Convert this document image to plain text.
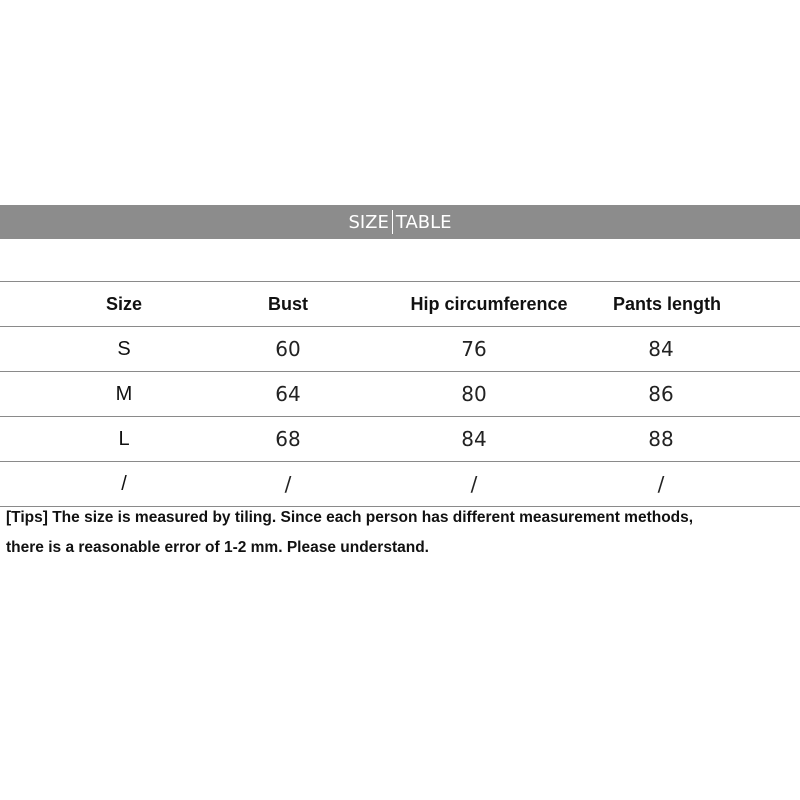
SIZE TABLE
Size	Bust	Hip circumference	Pants length
S	60	76	84
M	64	80	86
L	68	84	88
/	/	/	/
[Tips] The size is measured by tiling. Since each person has different measurement methods,
there is a reasonable error of 1-2 mm. Please understand.
